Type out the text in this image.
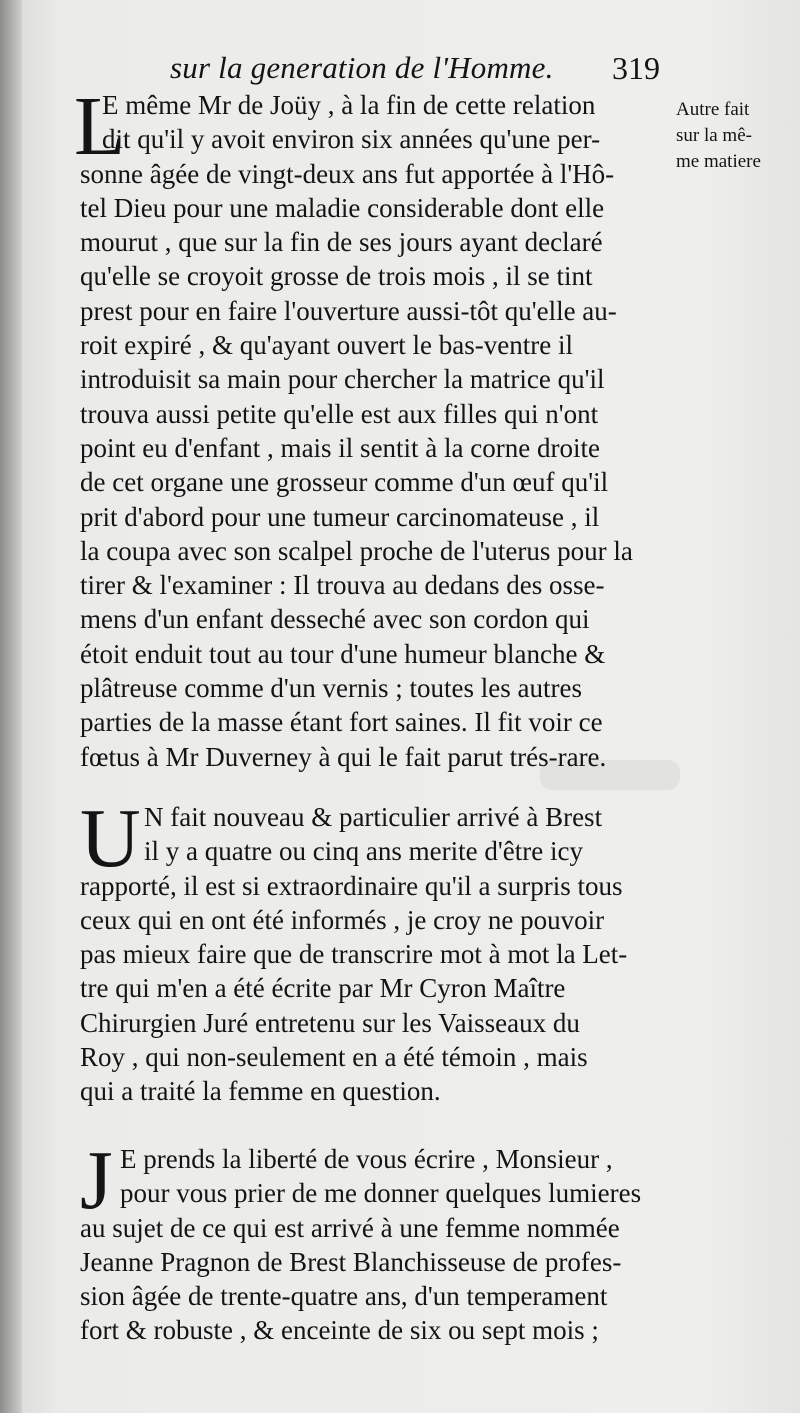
sur la generation de l'Homme. 319
Autre fait
sur la mê-
me matiere
L
E même Mr de Joüy , à la fin de cette relation
dit qu'il y avoit environ six années qu'une per-
sonne âgée de vingt-deux ans fut apportée à l'Hô-
tel Dieu pour une maladie considerable dont elle
mourut , que sur la fin de ses jours ayant declaré
qu'elle se croyoit grosse de trois mois , il se tint
prest pour en faire l'ouverture aussi-tôt qu'elle au-
roit expiré , & qu'ayant ouvert le bas-ventre il
introduisit sa main pour chercher la matrice qu'il
trouva aussi petite qu'elle est aux filles qui n'ont
point eu d'enfant , mais il sentit à la corne droite
de cet organe une grosseur comme d'un œuf qu'il
prit d'abord pour une tumeur carcinomateuse , il
la coupa avec son scalpel proche de l'uterus pour la
tirer & l'examiner : Il trouva au dedans des osse-
mens d'un enfant desseché avec son cordon qui
étoit enduit tout au tour d'une humeur blanche &
plâtreuse comme d'un vernis ; toutes les autres
parties de la masse étant fort saines. Il fit voir ce
fœtus à Mr Duverney à qui le fait parut trés-rare.
U N fait nouveau & particulier arrivé à Brest
il y a quatre ou cinq ans merite d'être icy
rapporté, il est si extraordinaire qu'il a surpris tous
ceux qui en ont été informés , je croy ne pouvoir
pas mieux faire que de transcrire mot à mot la Let-
tre qui m'en a été écrite par Mr Cyron Maître
Chirurgien Juré entretenu sur les Vaisseaux du
Roy , qui non-seulement en a été témoin , mais
qui a traité la femme en question.
J E prends la liberté de vous écrire , Monsieur ,
pour vous prier de me donner quelques lumieres
au sujet de ce qui est arrivé à une femme nommée
Jeanne Pragnon de Brest Blanchisseuse de profes-
sion âgée de trente-quatre ans, d'un temperament
fort & robuste , & enceinte de six ou sept mois ;
